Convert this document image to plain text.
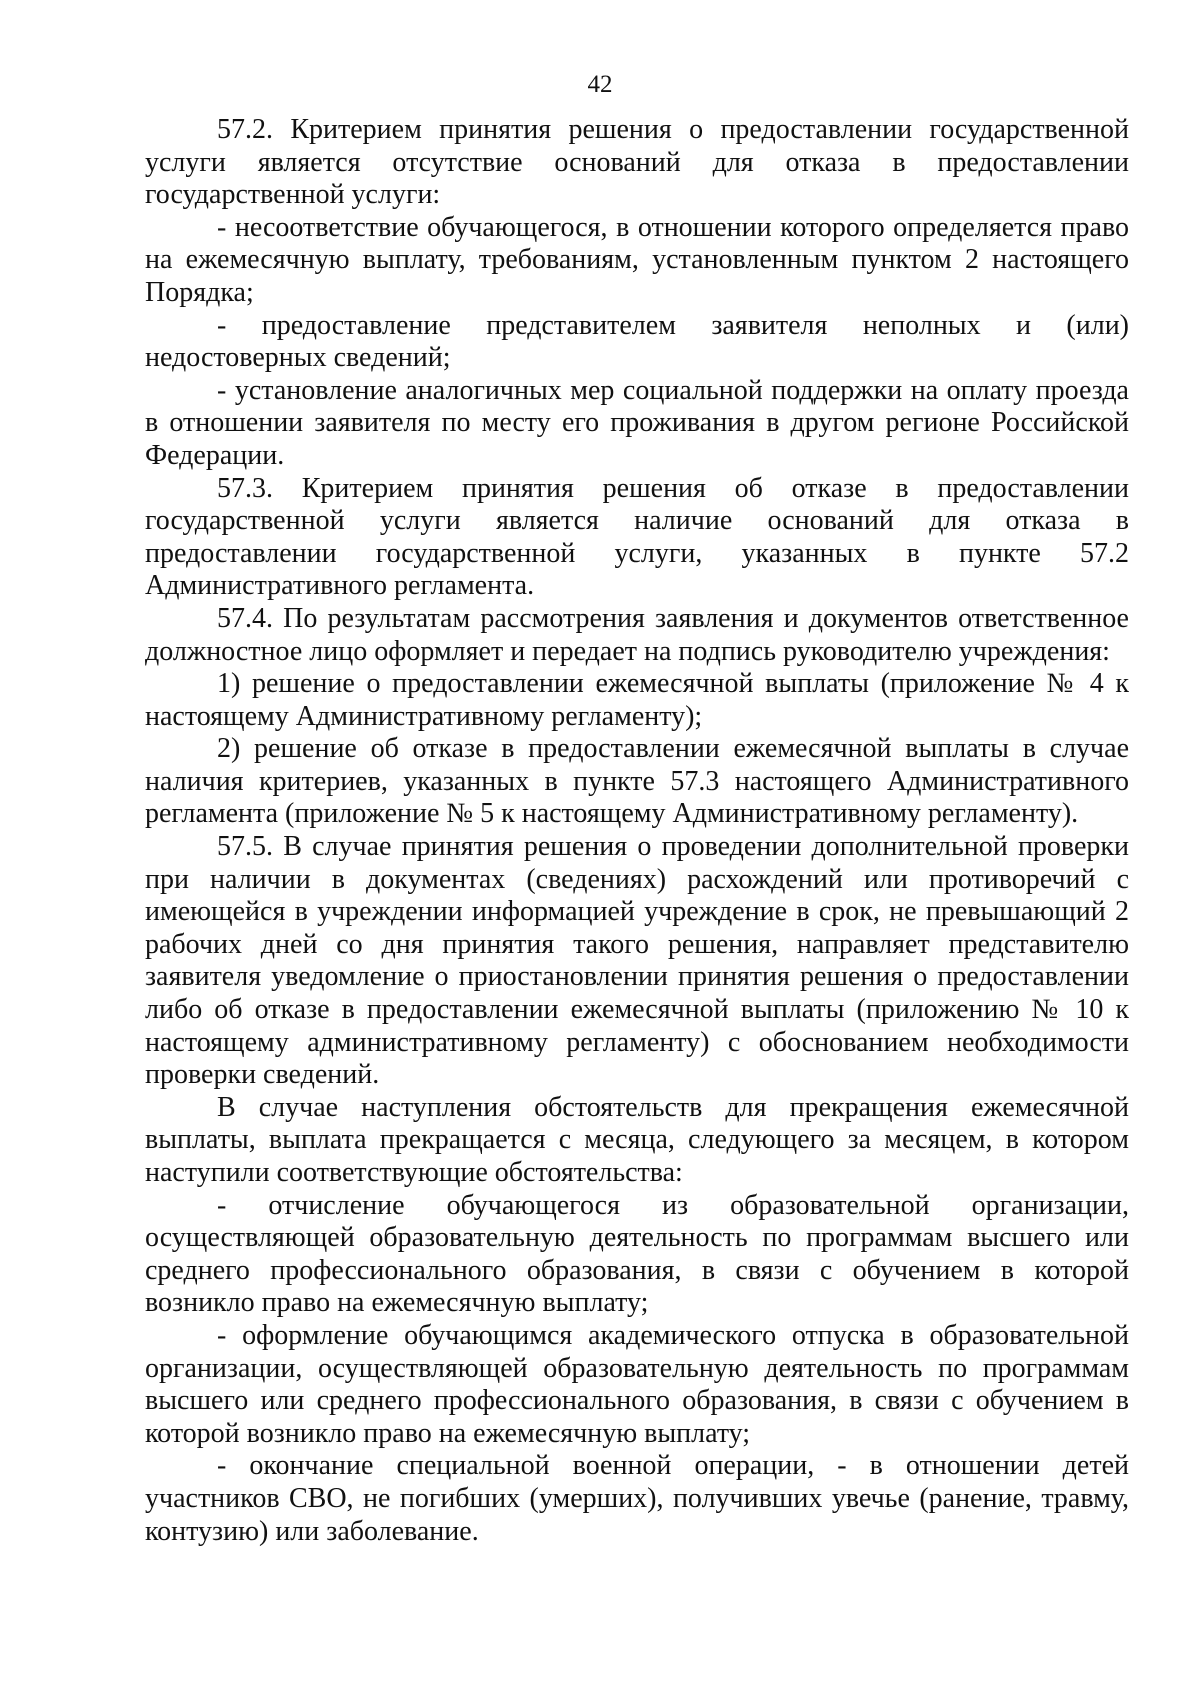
42

57.2. Критерием принятия решения о предоставлении государственной услуги является отсутствие оснований для отказа в предоставлении государственной услуги:

- несоответствие обучающегося, в отношении которого определяется право на ежемесячную выплату, требованиям, установленным пунктом 2 настоящего Порядка;

- предоставление представителем заявителя неполных и (или) недостоверных сведений;

- установление аналогичных мер социальной поддержки на оплату проезда в отношении заявителя по месту его проживания в другом регионе Российской Федерации.

57.3. Критерием принятия решения об отказе в предоставлении государственной услуги является наличие оснований для отказа в предоставлении государственной услуги, указанных в пункте 57.2 Административного регламента.

57.4. По результатам рассмотрения заявления и документов ответственное должностное лицо оформляет и передает на подпись руководителю учреждения:

1) решение о предоставлении ежемесячной выплаты (приложение № 4 к настоящему Административному регламенту);

2) решение об отказе в предоставлении ежемесячной выплаты в случае наличия критериев, указанных в пункте 57.3 настоящего Административного регламента (приложение № 5 к настоящему Административному регламенту).

57.5. В случае принятия решения о проведении дополнительной проверки при наличии в документах (сведениях) расхождений или противоречий с имеющейся в учреждении информацией учреждение в срок, не превышающий 2 рабочих дней со дня принятия такого решения, направляет представителю заявителя уведомление о приостановлении принятия решения о предоставлении либо об отказе в предоставлении ежемесячной выплаты (приложению № 10 к настоящему административному регламенту) с обоснованием необходимости проверки сведений.

В случае наступления обстоятельств для прекращения ежемесячной выплаты, выплата прекращается с месяца, следующего за месяцем, в котором наступили соответствующие обстоятельства:

- отчисление обучающегося из образовательной организации, осуществляющей образовательную деятельность по программам высшего или среднего профессионального образования, в связи с обучением в которой возникло право на ежемесячную выплату;

- оформление обучающимся академического отпуска в образовательной организации, осуществляющей образовательную деятельность по программам высшего или среднего профессионального образования, в связи с обучением в которой возникло право на ежемесячную выплату;

- окончание специальной военной операции, - в отношении детей участников СВО, не погибших (умерших), получивших увечье (ранение, травму, контузию) или заболевание.
